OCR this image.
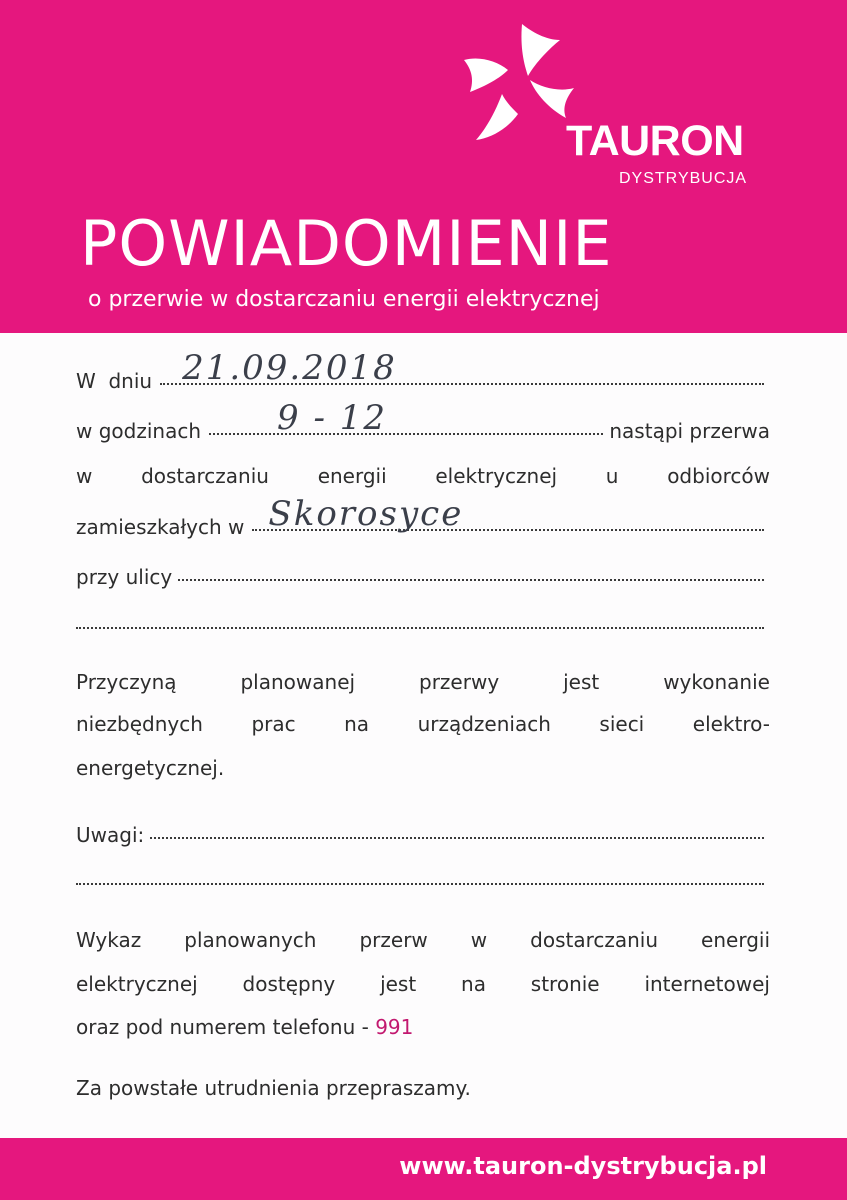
TAURON
DYSTRYBUCJA
POWIADOMIENIE
o przerwie w dostarczaniu energii elektrycznej
W  dniu 21.09.2018
w godzinach 9 - 12	nastąpi przerwa
w dostarczaniu energii elektrycznej u odbiorców
zamieszkałych w Skorosyce
przy ulicy
Przyczyną	planowanej	przerwy	jest	wykonanie
niezbędnych prac na urządzeniach sieci elektro-
energetycznej.
Uwagi:
Wykaz planowanych przerw w dostarczaniu energii
elektrycznej dostępny jest na stronie internetowej
oraz pod numerem telefonu - 991
Za powstałe utrudnienia przepraszamy.
www.tauron-dystrybucja.pl
